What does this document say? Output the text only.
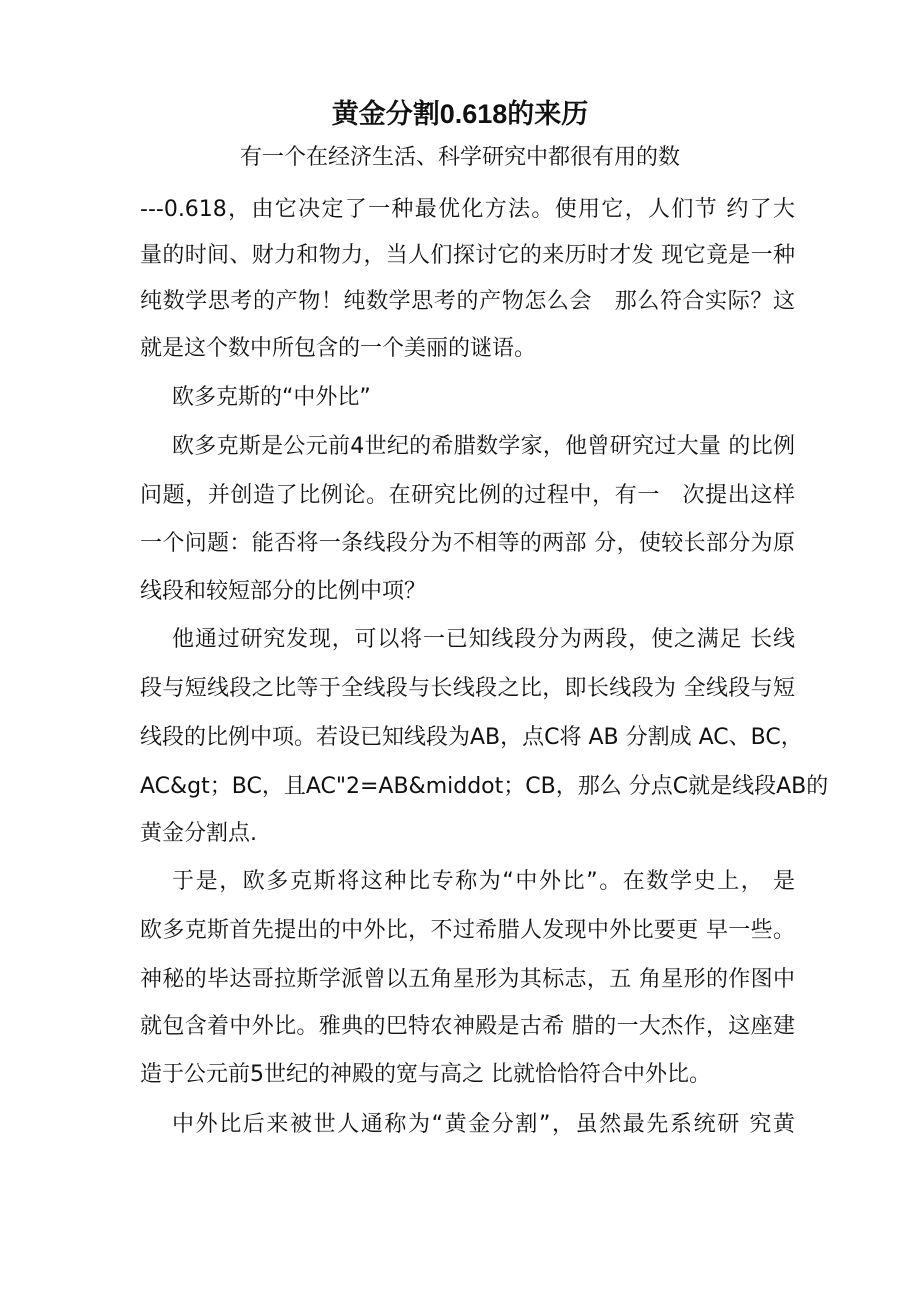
黄金分割0.618的来历
有一个在经济生活、科学研究中都很有用的数
---0.618，由它决定了一种最优化方法。使用它，人们节 约了大
量的时间、财力和物力，当人们探讨它的来历时才发 现它竟是一种
纯数学思考的产物！纯数学思考的产物怎么会　那么符合实际？这
就是这个数中所包含的一个美丽的谜语。
欧多克斯的“中外比”
欧多克斯是公元前4世纪的希腊数学家，他曾研究过大量 的比例
问题，并创造了比例论。在研究比例的过程中，有一　次提出这样
一个问题：能否将一条线段分为不相等的两部 分，使较长部分为原
线段和较短部分的比例中项？
他通过研究发现，可以将一已知线段分为两段，使之满足 长线
段与短线段之比等于全线段与长线段之比，即长线段为 全线段与短
线段的比例中项。若设已知线段为AB，点C将 AB 分割成 AC、BC，
AC&gt；BC，且AC"2=AB&middot；CB，那么 分点C就是线段AB的
黄金分割点.
于是，欧多克斯将这种比专称为“中外比”。在数学史上， 是
欧多克斯首先提出的中外比，不过希腊人发现中外比要更 早一些。
神秘的毕达哥拉斯学派曾以五角星形为其标志，五 角星形的作图中
就包含着中外比。雅典的巴特农神殿是古希 腊的一大杰作，这座建
造于公元前5世纪的神殿的宽与高之 比就恰恰符合中外比。
中外比后来被世人通称为“黄金分割”，虽然最先系统研 究黄
